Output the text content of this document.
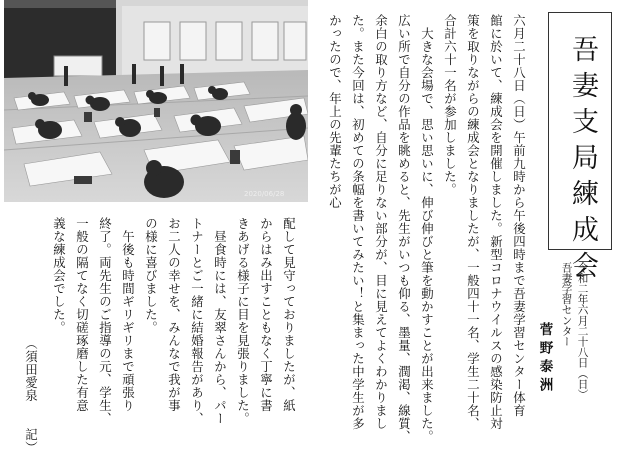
2020/06/28	吾妻支局練成会
令和二年六月二十八日（日）
吾妻学習センター
菅野泰洲
六月二十八日（日）午前九時から午後四時まで吾妻学習センター体育
館に於いて、練成会を開催しました。新型コロナウイルスの感染防止対
策を取りながらの練成会となりましたが、一般四十一名、学生二十名、
合計六十一名が参加しました。
大きな会場で、思い思いに、伸び伸びと筆を動かすことが出来ました。
広い所で自分の作品を眺めると、先生がいつも仰る、墨量、潤渇、線質、
余白の取り方など、自分に足りない部分が、目に見えてよくわかりまし
た。また今回は、初めての条幅を書いてみたい！と集まった中学生が多
かったので、年上の先輩たちが心
配して見守っておりましたが、紙
からはみ出すこともなく丁寧に書
きあげる様子に目を見張りました。
昼食時には、友翠さんから、パー
トナーとご一緒に結婚報告があり、
お二人の幸せを、みんなで我が事
の様に喜びました。
午後も時間ギリギリまで頑張り
終了。両先生のご指導の元、学生、
一般の隔てなく切磋琢磨した有意
義な練成会でした。
（須田愛泉記）
